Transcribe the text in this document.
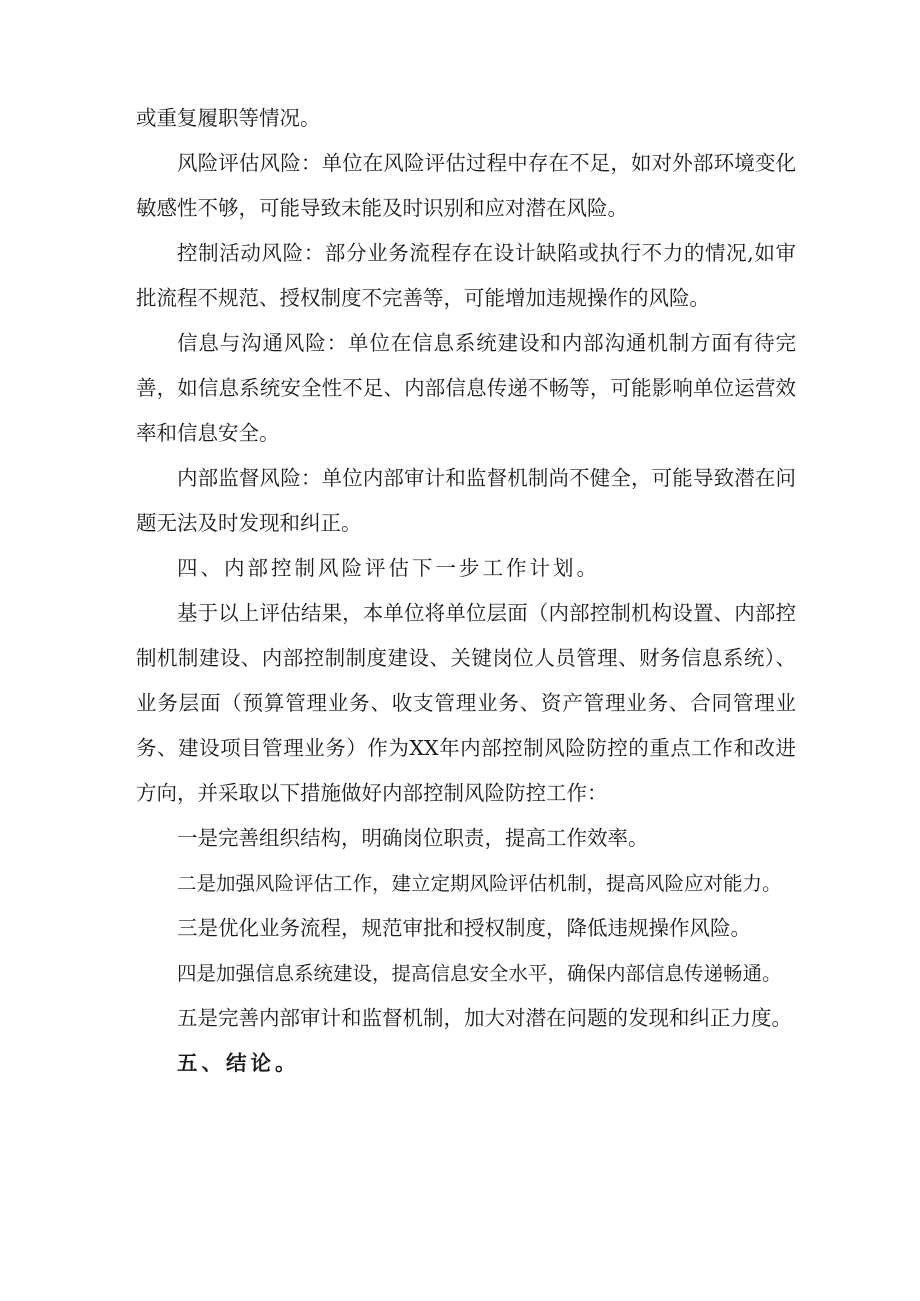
或重复履职等情况。

风险评估风险：单位在风险评估过程中存在不足，如对外部环境变化敏感性不够，可能导致未能及时识别和应对潜在风险。

控制活动风险：部分业务流程存在设计缺陷或执行不力的情况,如审批流程不规范、授权制度不完善等，可能增加违规操作的风险。

信息与沟通风险：单位在信息系统建设和内部沟通机制方面有待完善，如信息系统安全性不足、内部信息传递不畅等，可能影响单位运营效率和信息安全。

内部监督风险：单位内部审计和监督机制尚不健全，可能导致潜在问题无法及时发现和纠正。

四、内部控制风险评估下一步工作计划。

基于以上评估结果，本单位将单位层面（内部控制机构设置、内部控制机制建设、内部控制制度建设、关键岗位人员管理、财务信息系统）、业务层面（预算管理业务、收支管理业务、资产管理业务、合同管理业务、建设项目管理业务）作为XX年内部控制风险防控的重点工作和改进方向，并采取以下措施做好内部控制风险防控工作：

一是完善组织结构，明确岗位职责，提高工作效率。

二是加强风险评估工作，建立定期风险评估机制，提高风险应对能力。

三是优化业务流程，规范审批和授权制度，降低违规操作风险。

四是加强信息系统建设，提高信息安全水平，确保内部信息传递畅通。

五是完善内部审计和监督机制，加大对潜在问题的发现和纠正力度。

五、结论。
